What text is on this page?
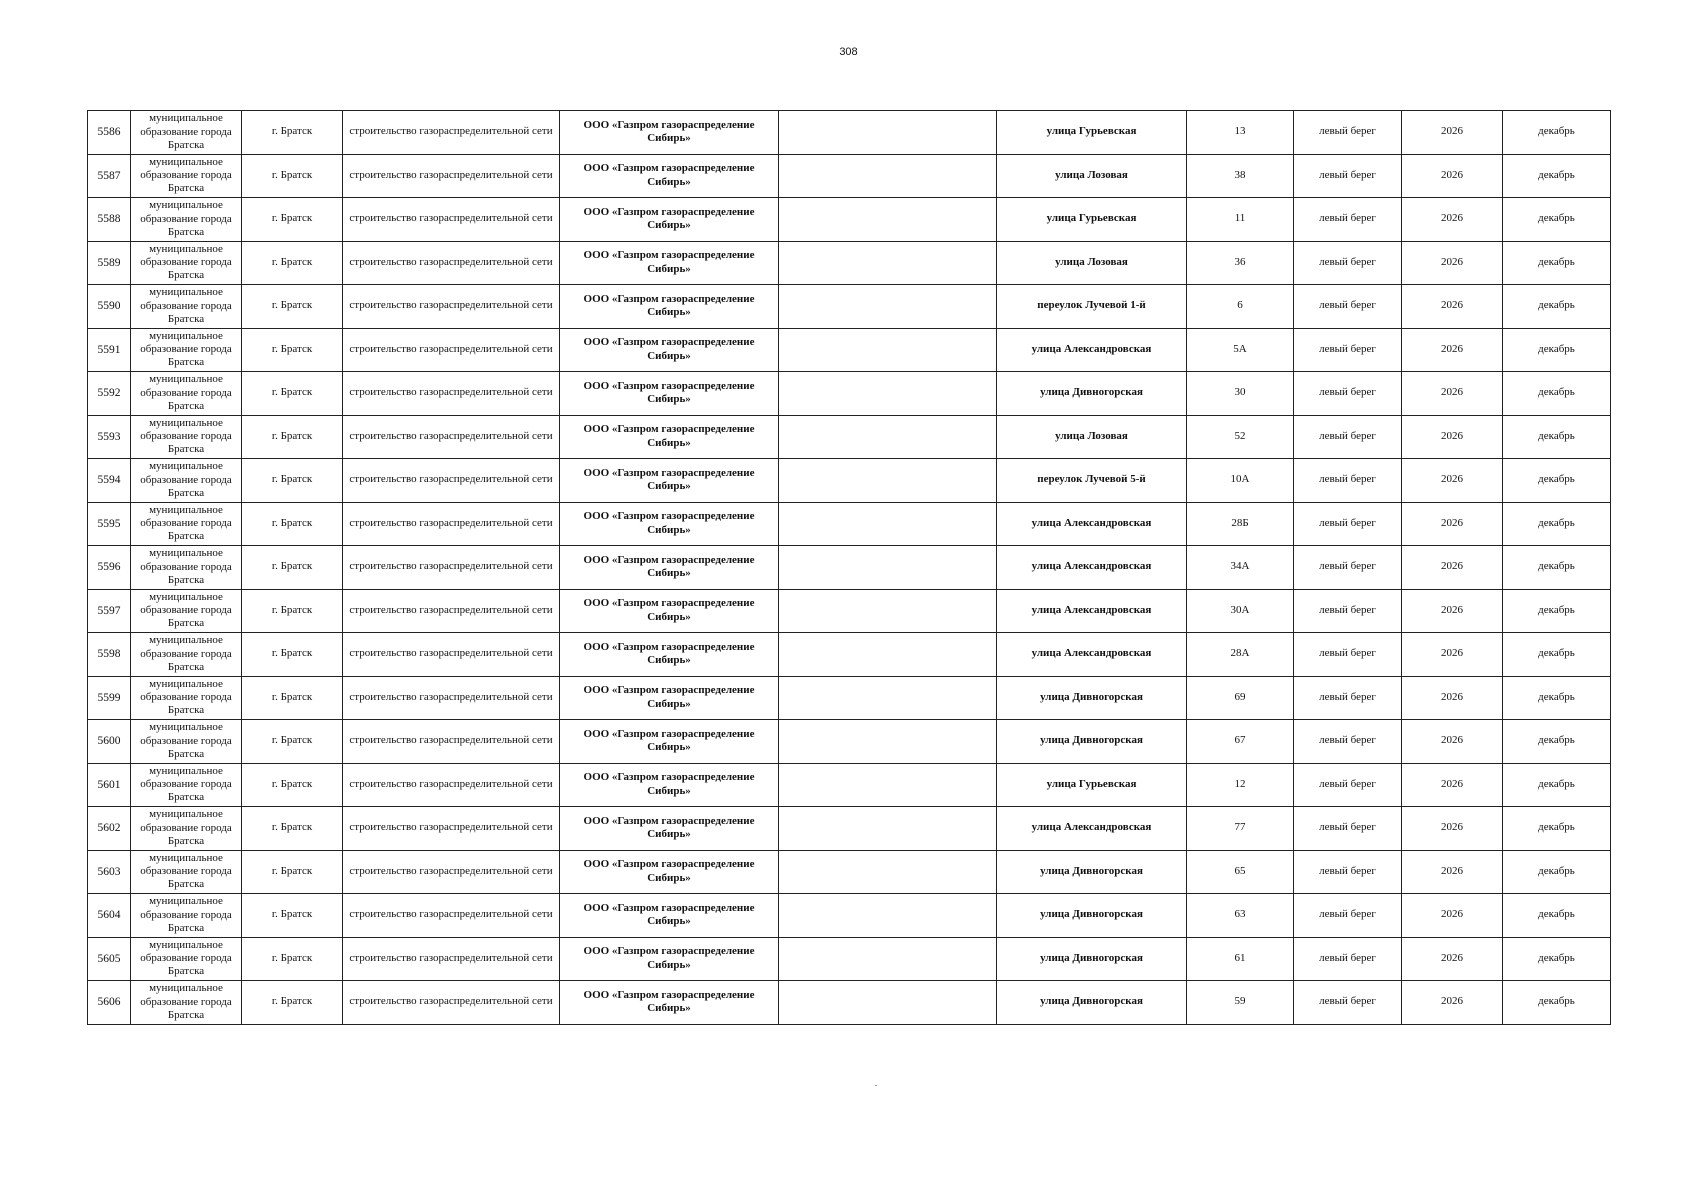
308
5586	муниципальное
образование города
Братска	г. Братск	строительство газораспределительной сети	ООО «Газпром газораспределение Сибирь»		улица Гурьевская	13	левый берег	2026	декабрь
5587	муниципальное
образование города
Братска	г. Братск	строительство газораспределительной сети	ООО «Газпром газораспределение Сибирь»		улица Лозовая	38	левый берег	2026	декабрь
5588	муниципальное
образование города
Братска	г. Братск	строительство газораспределительной сети	ООО «Газпром газораспределение Сибирь»		улица Гурьевская	11	левый берег	2026	декабрь
5589	муниципальное
образование города
Братска	г. Братск	строительство газораспределительной сети	ООО «Газпром газораспределение Сибирь»		улица Лозовая	36	левый берег	2026	декабрь
5590	муниципальное
образование города
Братска	г. Братск	строительство газораспределительной сети	ООО «Газпром газораспределение Сибирь»		переулок Лучевой 1-й	6	левый берег	2026	декабрь
5591	муниципальное
образование города
Братска	г. Братск	строительство газораспределительной сети	ООО «Газпром газораспределение Сибирь»		улица Александровская	5А	левый берег	2026	декабрь
5592	муниципальное
образование города
Братска	г. Братск	строительство газораспределительной сети	ООО «Газпром газораспределение Сибирь»		улица Дивногорская	30	левый берег	2026	декабрь
5593	муниципальное
образование города
Братска	г. Братск	строительство газораспределительной сети	ООО «Газпром газораспределение Сибирь»		улица Лозовая	52	левый берег	2026	декабрь
5594	муниципальное
образование города
Братска	г. Братск	строительство газораспределительной сети	ООО «Газпром газораспределение Сибирь»		переулок Лучевой 5-й	10А	левый берег	2026	декабрь
5595	муниципальное
образование города
Братска	г. Братск	строительство газораспределительной сети	ООО «Газпром газораспределение Сибирь»		улица Александровская	28Б	левый берег	2026	декабрь
5596	муниципальное
образование города
Братска	г. Братск	строительство газораспределительной сети	ООО «Газпром газораспределение Сибирь»		улица Александровская	34А	левый берег	2026	декабрь
5597	муниципальное
образование города
Братска	г. Братск	строительство газораспределительной сети	ООО «Газпром газораспределение Сибирь»		улица Александровская	30А	левый берег	2026	декабрь
5598	муниципальное
образование города
Братска	г. Братск	строительство газораспределительной сети	ООО «Газпром газораспределение Сибирь»		улица Александровская	28А	левый берег	2026	декабрь
5599	муниципальное
образование города
Братска	г. Братск	строительство газораспределительной сети	ООО «Газпром газораспределение Сибирь»		улица Дивногорская	69	левый берег	2026	декабрь
5600	муниципальное
образование города
Братска	г. Братск	строительство газораспределительной сети	ООО «Газпром газораспределение Сибирь»		улица Дивногорская	67	левый берег	2026	декабрь
5601	муниципальное
образование города
Братска	г. Братск	строительство газораспределительной сети	ООО «Газпром газораспределение Сибирь»		улица Гурьевская	12	левый берег	2026	декабрь
5602	муниципальное
образование города
Братска	г. Братск	строительство газораспределительной сети	ООО «Газпром газораспределение Сибирь»		улица Александровская	77	левый берег	2026	декабрь
5603	муниципальное
образование города
Братска	г. Братск	строительство газораспределительной сети	ООО «Газпром газораспределение Сибирь»		улица Дивногорская	65	левый берег	2026	декабрь
5604	муниципальное
образование города
Братска	г. Братск	строительство газораспределительной сети	ООО «Газпром газораспределение Сибирь»		улица Дивногорская	63	левый берег	2026	декабрь
5605	муниципальное
образование города
Братска	г. Братск	строительство газораспределительной сети	ООО «Газпром газораспределение Сибирь»		улица Дивногорская	61	левый берег	2026	декабрь
5606	муниципальное
образование города
Братска	г. Братск	строительство газораспределительной сети	ООО «Газпром газораспределение Сибирь»		улица Дивногорская	59	левый берег	2026	декабрь
